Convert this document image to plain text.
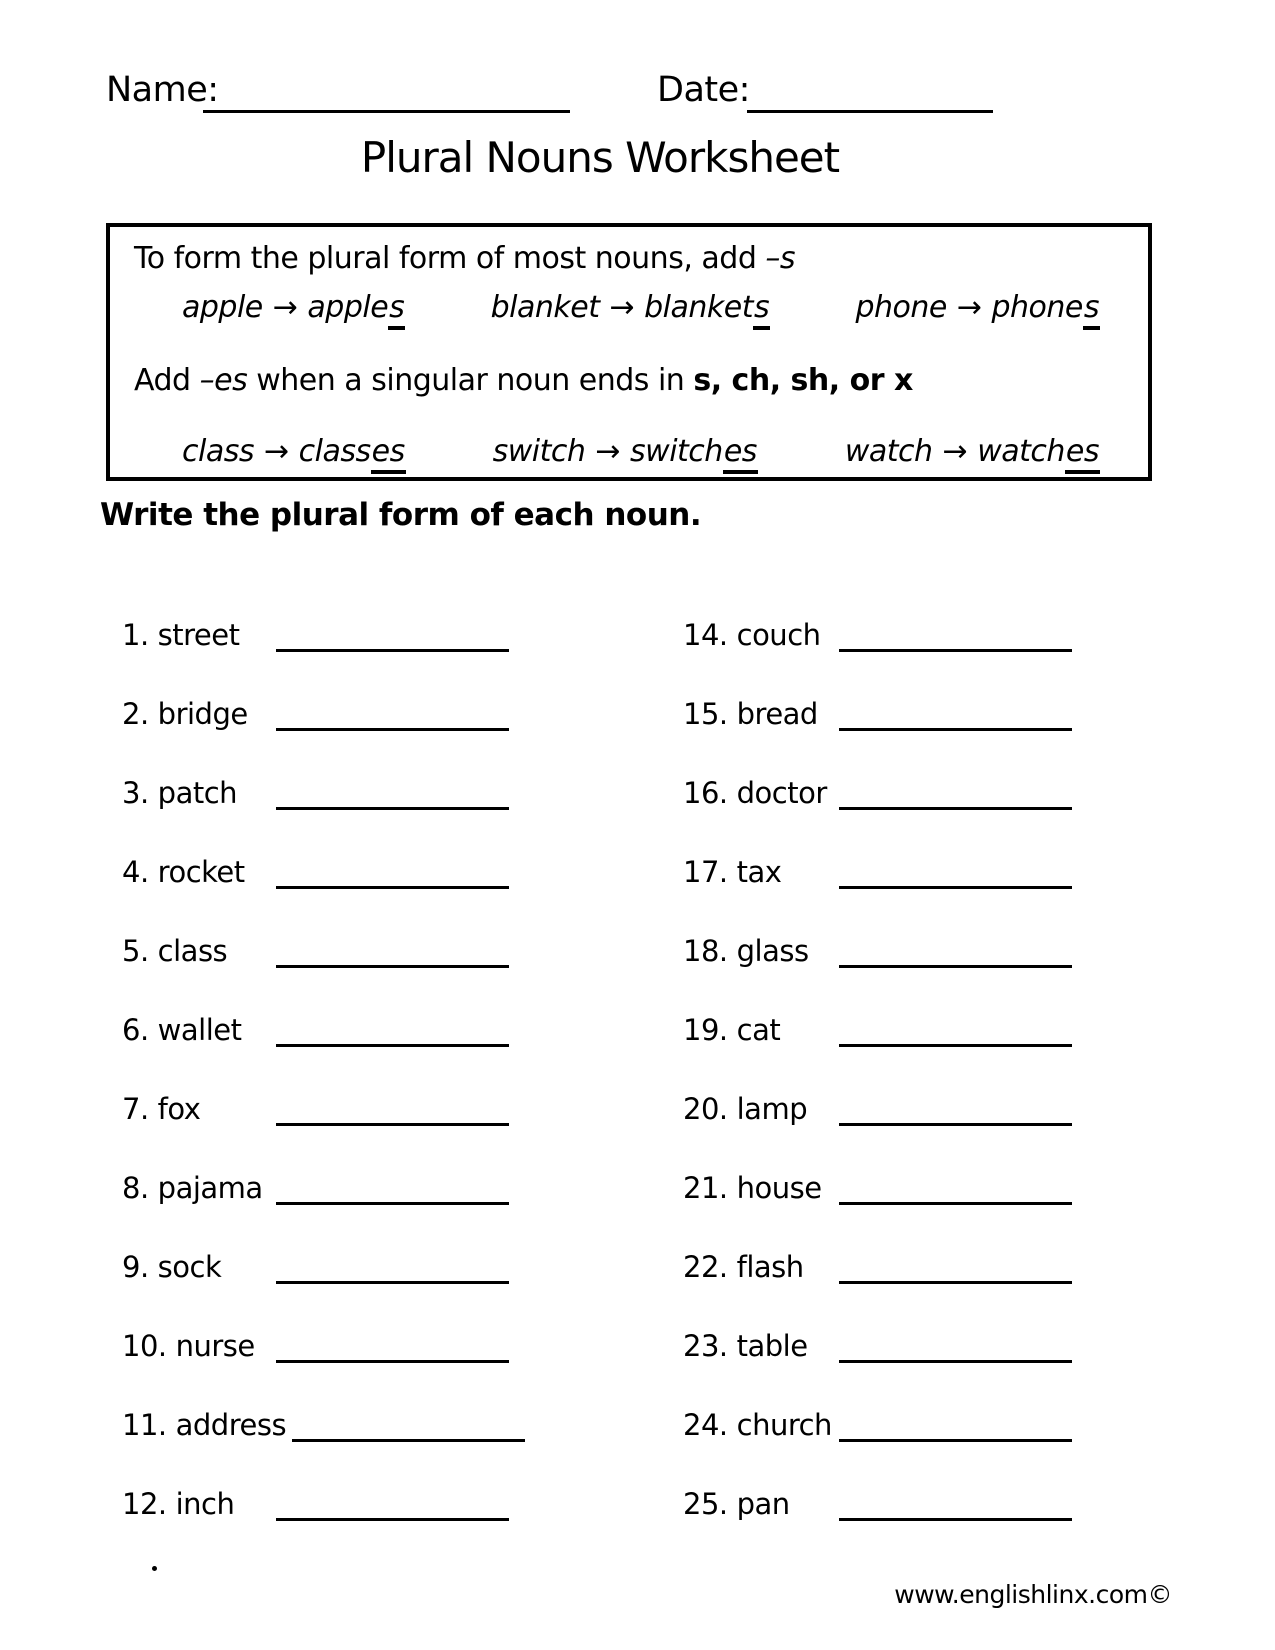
Name:	Date:
Plural Nouns Worksheet
To form the plural form of most nouns, add –s
apple → apples	blanket → blankets	phone → phones
Add –es when a singular noun ends in s, ch, sh, or x
class → classes	switch → switches	watch → watches
Write the plural form of each noun.
1. street
2. bridge
3. patch
4. rocket
5. class
6. wallet
7. fox
8. pajama
9. sock
10. nurse
11. address
12. inch
14. couch
15. bread
16. doctor
17. tax
18. glass
19. cat
20. lamp
21. house
22. flash
23. table
24. church
25. pan
www.englishlinx.com©
